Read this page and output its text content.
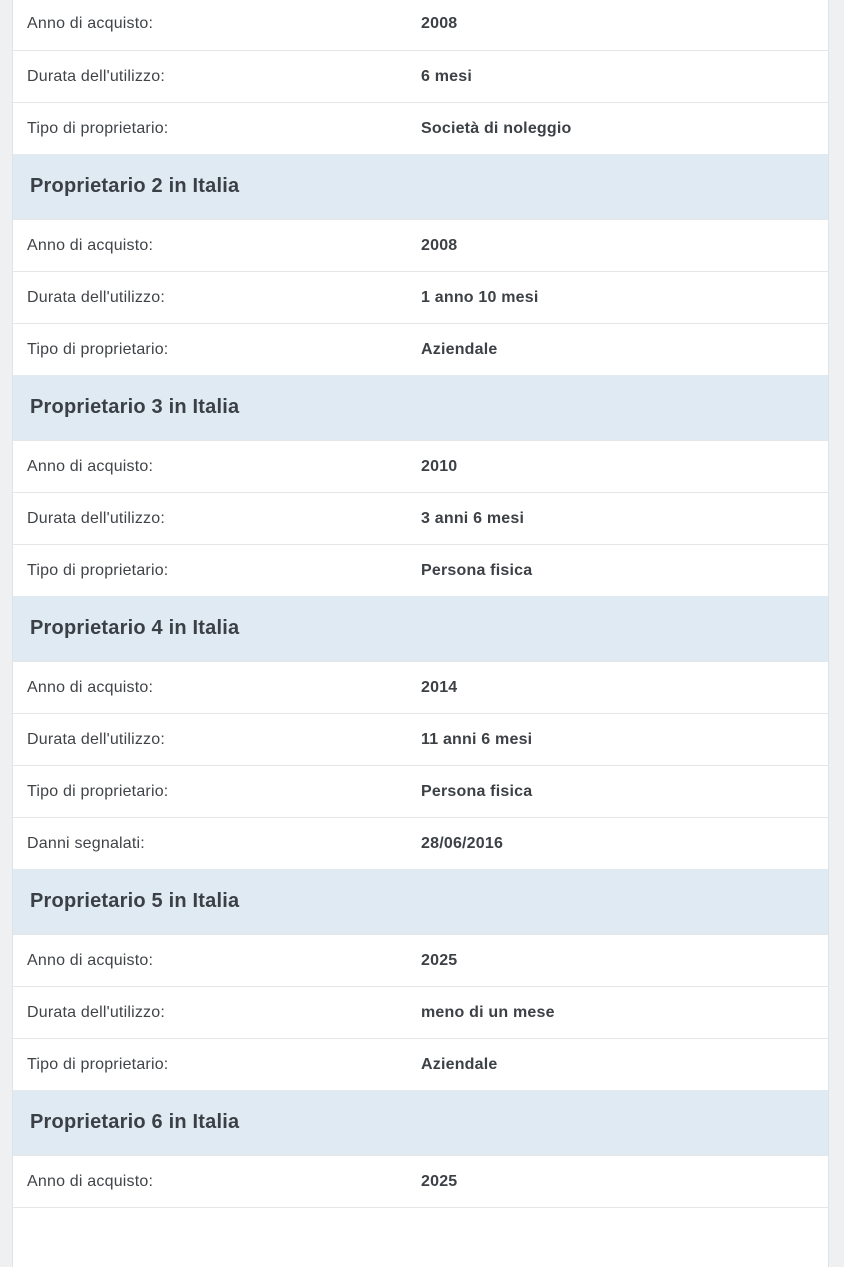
Anno di acquisto:	2008
Durata dell'utilizzo:	6 mesi
Tipo di proprietario:	Società di noleggio
Proprietario 2 in Italia
Anno di acquisto:	2008
Durata dell'utilizzo:	1 anno 10 mesi
Tipo di proprietario:	Aziendale
Proprietario 3 in Italia
Anno di acquisto:	2010
Durata dell'utilizzo:	3 anni 6 mesi
Tipo di proprietario:	Persona fisica
Proprietario 4 in Italia
Anno di acquisto:	2014
Durata dell'utilizzo:	11 anni 6 mesi
Tipo di proprietario:	Persona fisica
Danni segnalati:	28/06/2016
Proprietario 5 in Italia
Anno di acquisto:	2025
Durata dell'utilizzo:	meno di un mese
Tipo di proprietario:	Aziendale
Proprietario 6 in Italia
Anno di acquisto:	2025
